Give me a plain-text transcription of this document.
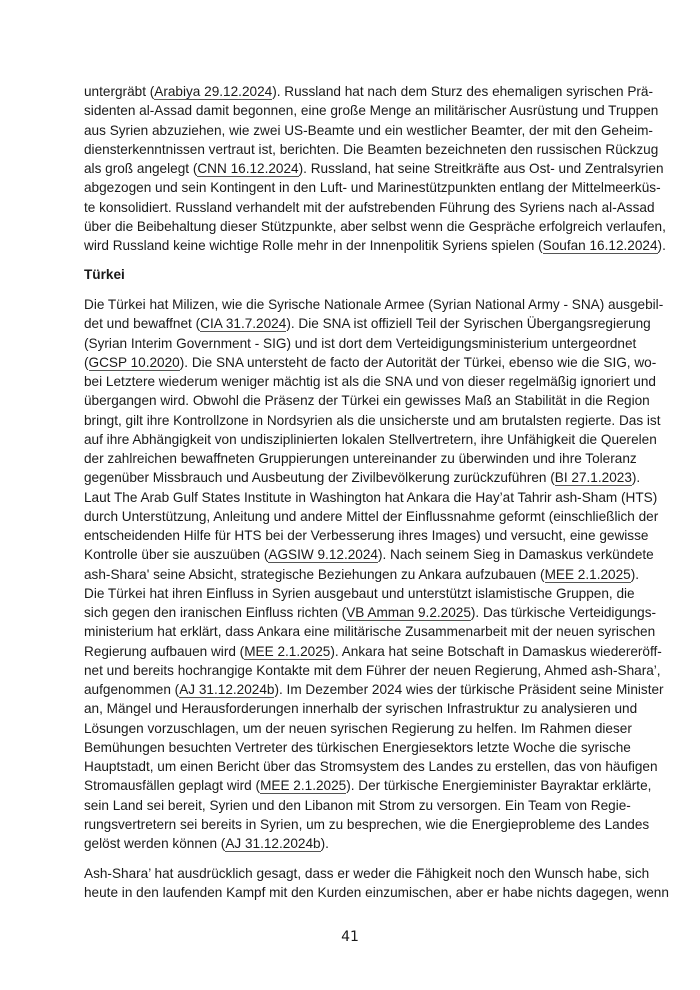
untergräbt (Arabiya 29.12.2024). Russland hat nach dem Sturz des ehemaligen syrischen Prä-
sidenten al-Assad damit begonnen, eine große Menge an militärischer Ausrüstung und Truppen
aus Syrien abzuziehen, wie zwei US-Beamte und ein westlicher Beamter, der mit den Geheim-
diensterkenntnissen vertraut ist, berichten. Die Beamten bezeichneten den russischen Rückzug
als groß angelegt (CNN 16.12.2024). Russland, hat seine Streitkräfte aus Ost- und Zentralsyrien
abgezogen und sein Kontingent in den Luft- und Marinestützpunkten entlang der Mittelmeerküs-
te konsolidiert. Russland verhandelt mit der aufstrebenden Führung des Syriens nach al-Assad
über die Beibehaltung dieser Stützpunkte, aber selbst wenn die Gespräche erfolgreich verlaufen,
wird Russland keine wichtige Rolle mehr in der Innenpolitik Syriens spielen (Soufan 16.12.2024).
Türkei
Die Türkei hat Milizen, wie die Syrische Nationale Armee (Syrian National Army - SNA) ausgebil-
det und bewaffnet (CIA 31.7.2024). Die SNA ist offiziell Teil der Syrischen Übergangsregierung
(Syrian Interim Government - SIG) und ist dort dem Verteidigungsministerium untergeordnet
(GCSP 10.2020). Die SNA untersteht de facto der Autorität der Türkei, ebenso wie die SIG, wo-
bei Letztere wiederum weniger mächtig ist als die SNA und von dieser regelmäßig ignoriert und
übergangen wird. Obwohl die Präsenz der Türkei ein gewisses Maß an Stabilität in die Region
bringt, gilt ihre Kontrollzone in Nordsyrien als die unsicherste und am brutalsten regierte. Das ist
auf ihre Abhängigkeit von undisziplinierten lokalen Stellvertretern, ihre Unfähigkeit die Querelen
der zahlreichen bewaffneten Gruppierungen untereinander zu überwinden und ihre Toleranz
gegenüber Missbrauch und Ausbeutung der Zivilbevölkerung zurückzuführen (BI 27.1.2023).
Laut The Arab Gulf States Institute in Washington hat Ankara die Hay’at Tahrir ash-Sham (HTS)
durch Unterstützung, Anleitung und andere Mittel der Einflussnahme geformt (einschließlich der
entscheidenden Hilfe für HTS bei der Verbesserung ihres Images) und versucht, eine gewisse
Kontrolle über sie auszuüben (AGSIW 9.12.2024). Nach seinem Sieg in Damaskus verkündete
ash-Shara' seine Absicht, strategische Beziehungen zu Ankara aufzubauen (MEE 2.1.2025).
Die Türkei hat ihren Einfluss in Syrien ausgebaut und unterstützt islamistische Gruppen, die
sich gegen den iranischen Einfluss richten (VB Amman 9.2.2025). Das türkische Verteidigungs-
ministerium hat erklärt, dass Ankara eine militärische Zusammenarbeit mit der neuen syrischen
Regierung aufbauen wird (MEE 2.1.2025). Ankara hat seine Botschaft in Damaskus wiedereröff-
net und bereits hochrangige Kontakte mit dem Führer der neuen Regierung, Ahmed ash-Shara’,
aufgenommen (AJ 31.12.2024b). Im Dezember 2024 wies der türkische Präsident seine Minister
an, Mängel und Herausforderungen innerhalb der syrischen Infrastruktur zu analysieren und
Lösungen vorzuschlagen, um der neuen syrischen Regierung zu helfen. Im Rahmen dieser
Bemühungen besuchten Vertreter des türkischen Energiesektors letzte Woche die syrische
Hauptstadt, um einen Bericht über das Stromsystem des Landes zu erstellen, das von häufigen
Stromausfällen geplagt wird (MEE 2.1.2025). Der türkische Energieminister Bayraktar erklärte,
sein Land sei bereit, Syrien und den Libanon mit Strom zu versorgen. Ein Team von Regie-
rungsvertretern sei bereits in Syrien, um zu besprechen, wie die Energieprobleme des Landes
gelöst werden können (AJ 31.12.2024b).
Ash-Shara’ hat ausdrücklich gesagt, dass er weder die Fähigkeit noch den Wunsch habe, sich
heute in den laufenden Kampf mit den Kurden einzumischen, aber er habe nichts dagegen, wenn
41
